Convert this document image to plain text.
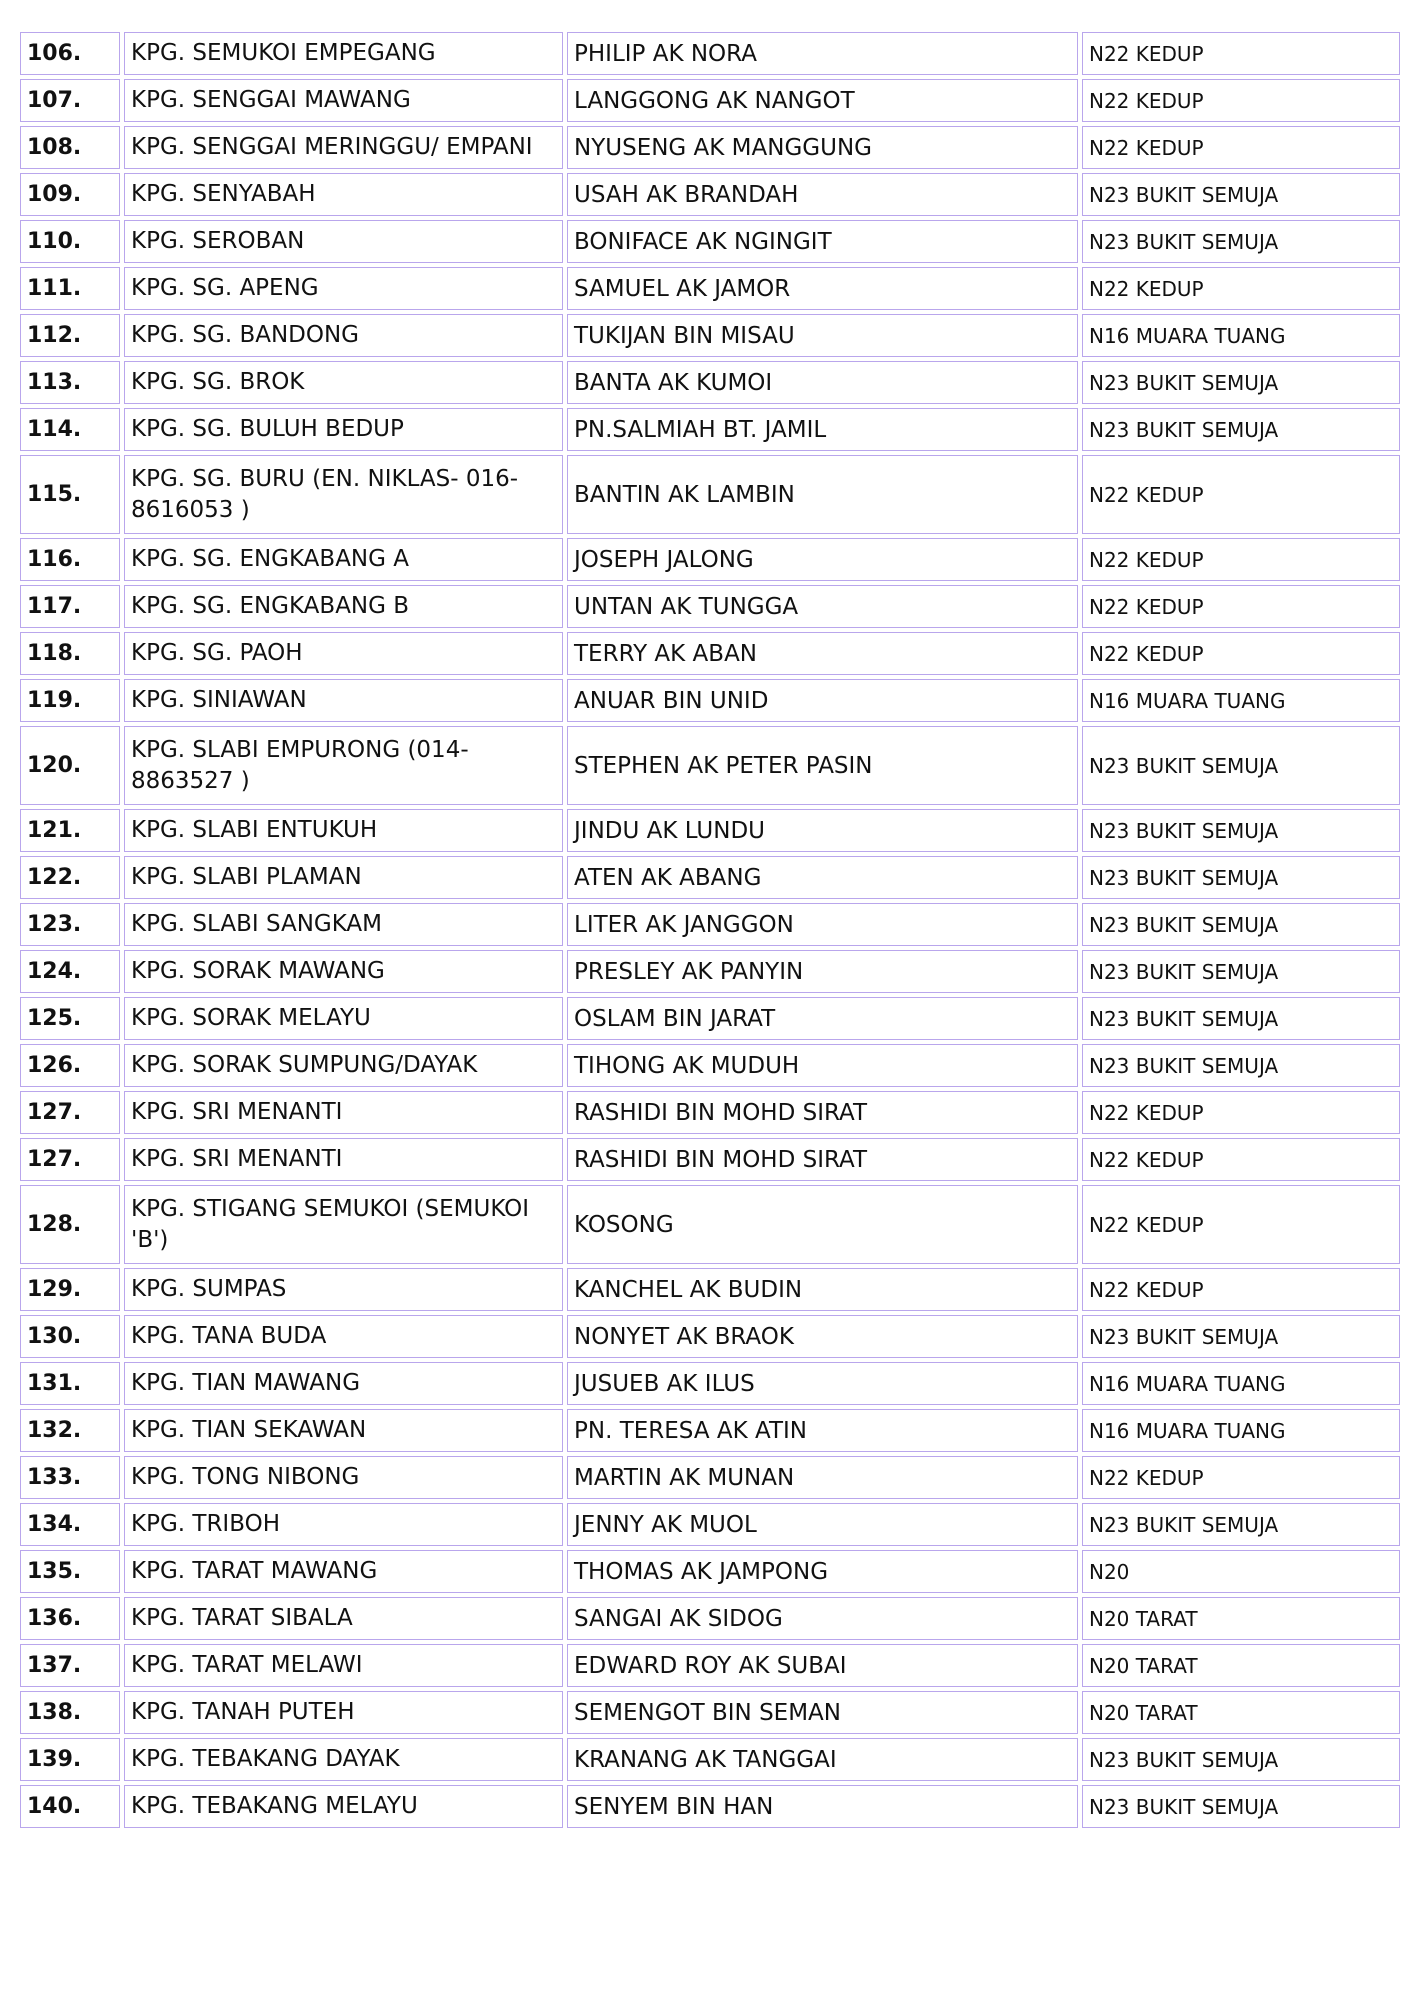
106.	KPG. SEMUKOI EMPEGANG	PHILIP AK NORA	N22 KEDUP
107.	KPG. SENGGAI MAWANG	LANGGONG AK NANGOT	N22 KEDUP
108.	KPG. SENGGAI MERINGGU/ EMPANI	NYUSENG AK MANGGUNG	N22 KEDUP
109.	KPG. SENYABAH	USAH AK BRANDAH	N23 BUKIT SEMUJA
110.	KPG. SEROBAN	BONIFACE AK NGINGIT	N23 BUKIT SEMUJA
111.	KPG. SG. APENG	SAMUEL AK JAMOR	N22 KEDUP
112.	KPG. SG. BANDONG	TUKIJAN BIN MISAU	N16 MUARA TUANG
113.	KPG. SG. BROK	BANTA AK KUMOI	N23 BUKIT SEMUJA
114.	KPG. SG. BULUH BEDUP	PN.SALMIAH BT. JAMIL	N23 BUKIT SEMUJA
115.	KPG. SG. BURU (EN. NIKLAS- 016-8616053 )	BANTIN AK LAMBIN	N22 KEDUP
116.	KPG. SG. ENGKABANG A	JOSEPH JALONG	N22 KEDUP
117.	KPG. SG. ENGKABANG B	UNTAN AK TUNGGA	N22 KEDUP
118.	KPG. SG. PAOH	TERRY AK ABAN	N22 KEDUP
119.	KPG. SINIAWAN	ANUAR BIN UNID	N16 MUARA TUANG
120.	KPG. SLABI EMPURONG (014-8863527 )	STEPHEN AK PETER PASIN	N23 BUKIT SEMUJA
121.	KPG. SLABI ENTUKUH	JINDU AK LUNDU	N23 BUKIT SEMUJA
122.	KPG. SLABI PLAMAN	ATEN AK ABANG	N23 BUKIT SEMUJA
123.	KPG. SLABI SANGKAM	LITER AK JANGGON	N23 BUKIT SEMUJA
124.	KPG. SORAK MAWANG	PRESLEY AK PANYIN	N23 BUKIT SEMUJA
125.	KPG. SORAK MELAYU	OSLAM BIN JARAT	N23 BUKIT SEMUJA
126.	KPG. SORAK SUMPUNG/DAYAK	TIHONG AK MUDUH	N23 BUKIT SEMUJA
127.	KPG. SRI MENANTI	RASHIDI BIN MOHD SIRAT	N22 KEDUP
127.	KPG. SRI MENANTI	RASHIDI BIN MOHD SIRAT	N22 KEDUP
128.	KPG. STIGANG SEMUKOI (SEMUKOI 'B')	KOSONG	N22 KEDUP
129.	KPG. SUMPAS	KANCHEL AK BUDIN	N22 KEDUP
130.	KPG. TANA BUDA	NONYET AK BRAOK	N23 BUKIT SEMUJA
131.	KPG. TIAN MAWANG	JUSUEB AK ILUS	N16 MUARA TUANG
132.	KPG. TIAN SEKAWAN	PN. TERESA AK ATIN	N16 MUARA TUANG
133.	KPG. TONG NIBONG	MARTIN AK MUNAN	N22 KEDUP
134.	KPG. TRIBOH	JENNY AK MUOL	N23 BUKIT SEMUJA
135.	KPG. TARAT MAWANG	THOMAS AK JAMPONG	N20
136.	KPG. TARAT SIBALA	SANGAI AK SIDOG	N20 TARAT
137.	KPG. TARAT MELAWI	EDWARD ROY AK SUBAI	N20 TARAT
138.	KPG. TANAH PUTEH	SEMENGOT BIN SEMAN	N20 TARAT
139.	KPG. TEBAKANG DAYAK	KRANANG AK TANGGAI	N23 BUKIT SEMUJA
140.	KPG. TEBAKANG MELAYU	SENYEM BIN HAN	N23 BUKIT SEMUJA
